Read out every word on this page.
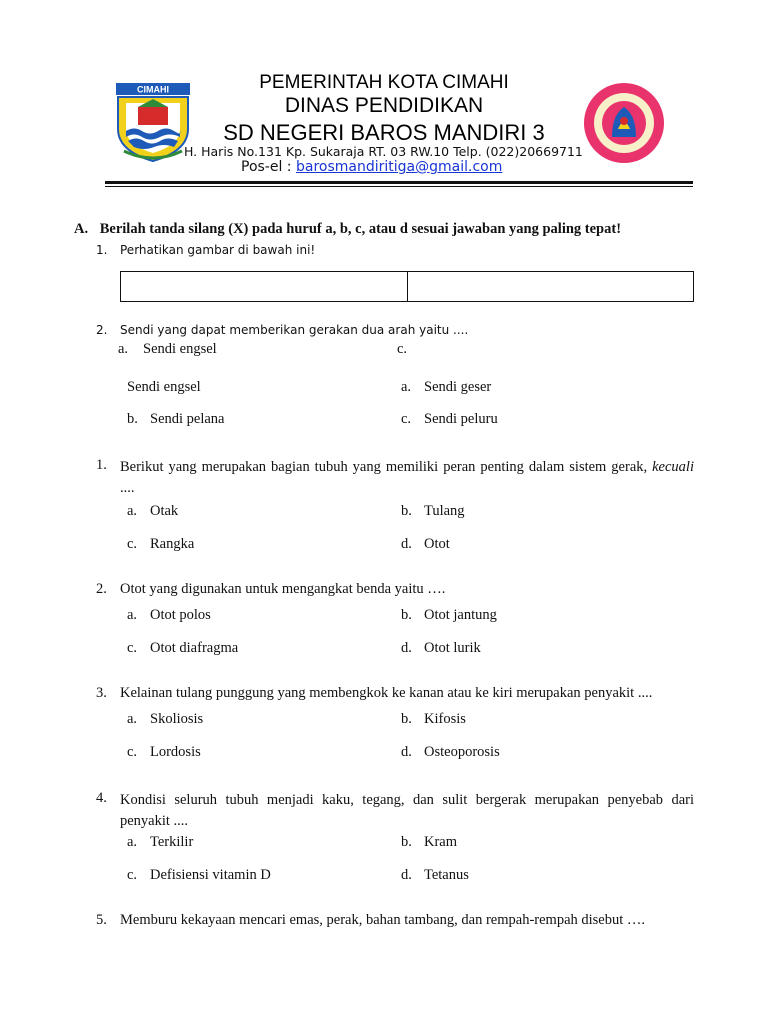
CIMAHI	PEMERINTAH KOTA CIMAHI
DINAS PENDIDIKAN
SD NEGERI BAROS MANDIRI 3
H. Haris No.131 Kp. Sukaraja RT. 03 RW.10 Telp. (022)20669711
Pos-el : barosmandiritiga@gmail.com
A. Berilah tanda silang (X) pada huruf a, b, c, atau d sesuai jawaban yang paling tepat!
1. Perhatikan gambar di bawah ini!
2. Sendi yang dapat memberikan gerakan dua arah yaitu ....
a. Sendi engsel	c.
Sendi engsel	a. Sendi geser
b. Sendi pelana	c. Sendi peluru
1. Berikut yang merupakan bagian tubuh yang memiliki peran penting dalam sistem gerak, kecuali ....
a. Otak	b. Tulang
c. Rangka	d. Otot
2. Otot yang digunakan untuk mengangkat benda yaitu ….
a. Otot polos	b. Otot jantung
c. Otot diafragma	d. Otot lurik
3. Kelainan tulang punggung yang membengkok ke kanan atau ke kiri merupakan penyakit ....
a. Skoliosis	b. Kifosis
c. Lordosis	d. Osteoporosis
4. Kondisi seluruh tubuh menjadi kaku, tegang, dan sulit bergerak merupakan penyebab dari penyakit ....
a. Terkilir	b. Kram
c. Defisiensi vitamin D	d. Tetanus
5. Memburu kekayaan mencari emas, perak, bahan tambang, dan rempah-rempah disebut ….
